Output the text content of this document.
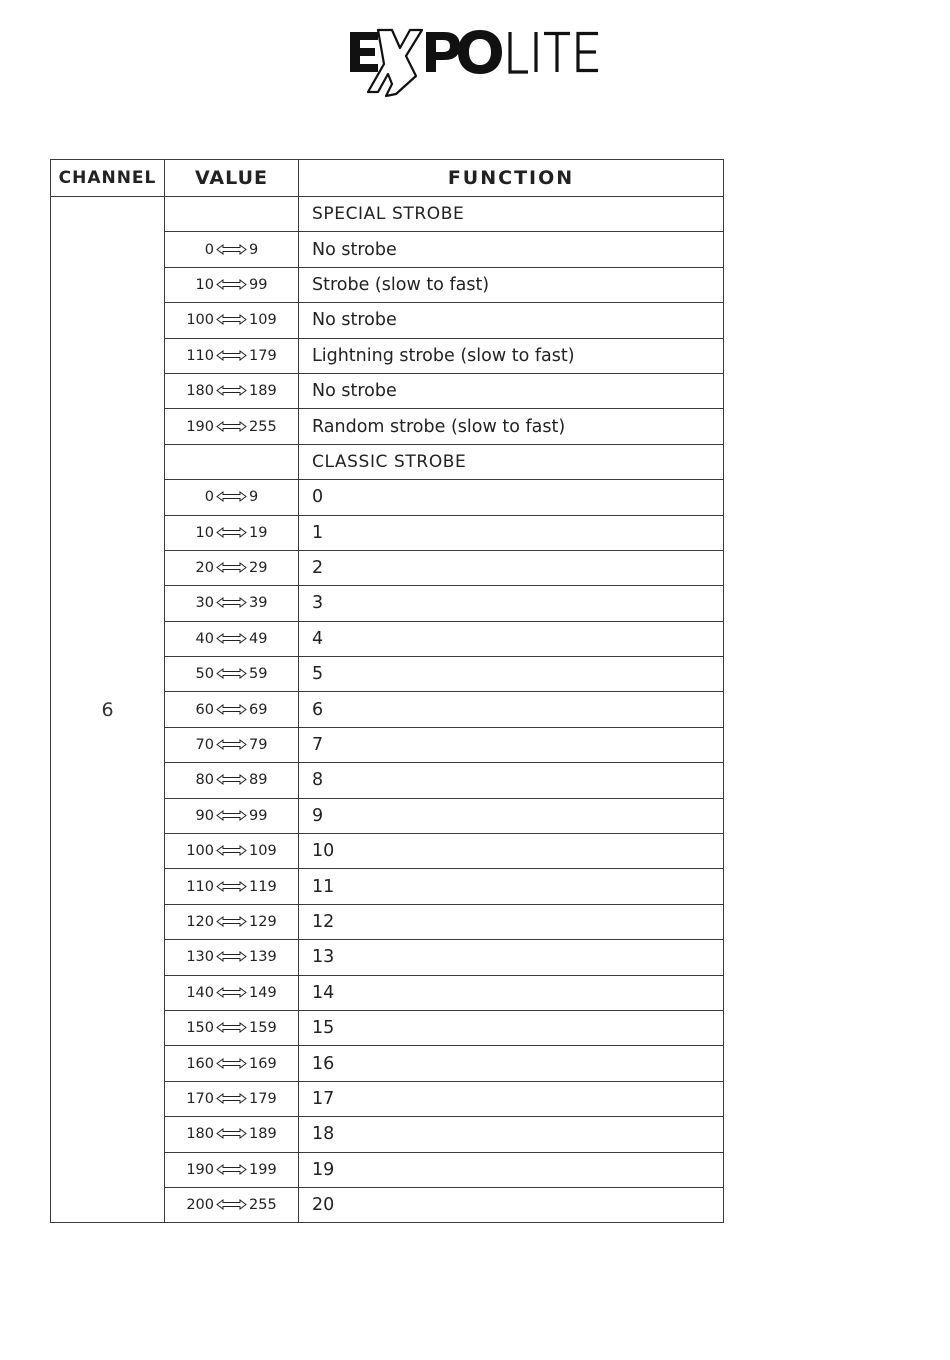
CHANNEL	VALUE	FUNCTION
6		SPECIAL STROBE
	0 9	No strobe
	10 99	Strobe (slow to fast)
	100 109	No strobe
	110 179	Lightning strobe (slow to fast)
	180 189	No strobe
	190 255	Random strobe (slow to fast)
		CLASSIC STROBE
	0 9	0
	10 19	1
	20 29	2
	30 39	3
	40 49	4
	50 59	5
	60 69	6
	70 79	7
	80 89	8
	90 99	9
	100 109	10
	110 119	11
	120 129	12
	130 139	13
	140 149	14
	150 159	15
	160 169	16
	170 179	17
	180 189	18
	190 199	19
	200 255	20
